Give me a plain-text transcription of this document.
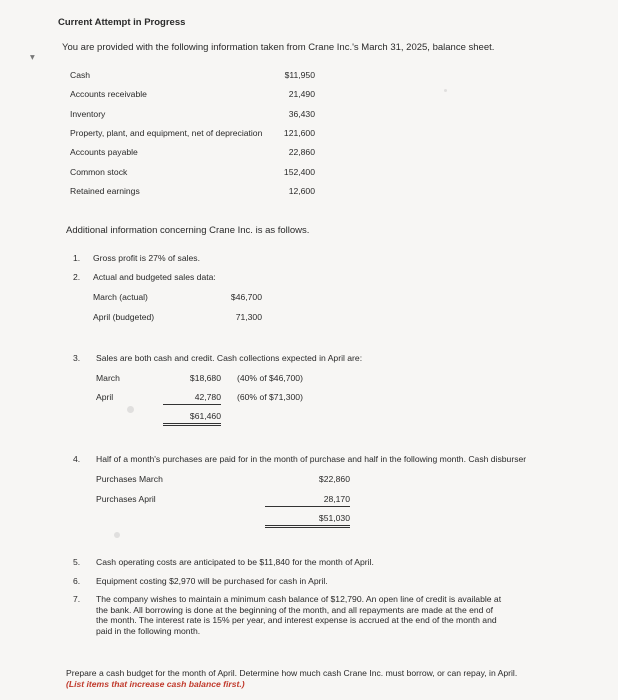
Current Attempt in Progress
You are provided with the following information taken from Crane Inc.'s March 31, 2025, balance sheet.
▾
Cash	$11,950
Accounts receivable	21,490
Inventory	36,430
Property, plant, and equipment, net of depreciation	121,600
Accounts payable	22,860
Common stock	152,400
Retained earnings	12,600
Additional information concerning Crane Inc. is as follows.
1. Gross profit is 27% of sales.
2. Actual and budgeted sales data:
March (actual)	$46,700
April (budgeted)	71,300
3. Sales are both cash and credit. Cash collections expected in April are:
March	$18,680 (40% of $46,700)
April	42,780 (60% of $71,300)
$61,460
4. Half of a month's purchases are paid for in the month of purchase and half in the following month. Cash disburser
Purchases March	$22,860
Purchases April	28,170
$51,030
5. Cash operating costs are anticipated to be $11,840 for the month of April.
6. Equipment costing $2,970 will be purchased for cash in April.
7. The company wishes to maintain a minimum cash balance of $12,790. An open line of credit is available at the bank. All borrowing is done at the beginning of the month, and all repayments are made at the end of the month. The interest rate is 15% per year, and interest expense is accrued at the end of the month and paid in the following month.
Prepare a cash budget for the month of April. Determine how much cash Crane Inc. must borrow, or can repay, in April.
(List items that increase cash balance first.)
